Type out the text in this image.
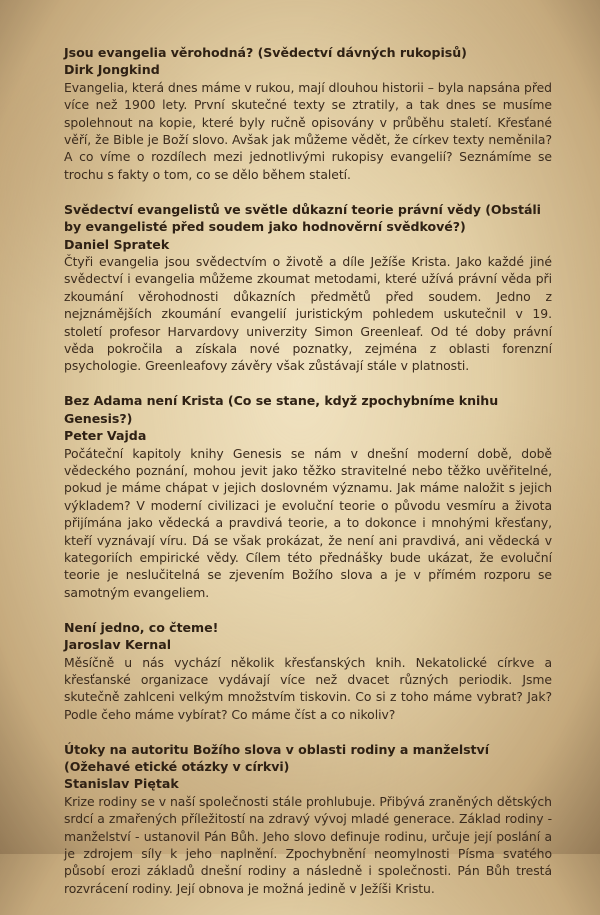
Jsou evangelia věrohodná? (Svědectví dávných rukopisů)

Dirk Jongkind

Evangelia, která dnes máme v rukou, mají dlouhou historii – byla napsána před více než 1900 lety. První skutečné texty se ztratily, a tak dnes se musíme spolehnout na kopie, které byly ručně opisovány v průběhu staletí. Křesťané věří, že Bible je Boží slovo. Avšak jak můžeme vědět, že církev texty neměnila? A co víme o rozdílech mezi jednotlivými rukopisy evangelií? Seznámíme se trochu s fakty o tom, co se dělo během staletí.

Svědectví evangelistů ve světle důkazní teorie právní vědy (Obstáli by evangelisté před soudem jako hodnověrní svědkové?)

Daniel Spratek

Čtyři evangelia jsou svědectvím o životě a díle Ježíše Krista. Jako každé jiné svědectví i evangelia můžeme zkoumat metodami, které užívá právní věda při zkoumání věrohodnosti důkazních předmětů před soudem. Jedno z nejznámějších zkoumání evangelií juristickým pohledem uskutečnil v 19. století profesor Harvardovy univerzity Simon Greenleaf. Od té doby právní věda pokročila a získala nové poznatky, zejména z oblasti forenzní psychologie. Greenleafovy závěry však zůstávají stále v platnosti.

Bez Adama není Krista (Co se stane, když zpochybníme knihu Genesis?)

Peter Vajda

Počáteční kapitoly knihy Genesis se nám v dnešní moderní době, době vědeckého poznání, mohou jevit jako těžko stravitelné nebo těžko uvěřitelné, pokud je máme chápat v jejich doslovném významu. Jak máme naložit s jejich výkladem? V moderní civilizaci je evoluční teorie o původu vesmíru a života přijímána jako vědecká a pravdivá teorie, a to dokonce i mnohými křesťany, kteří vyznávají víru. Dá se však prokázat, že není ani pravdivá, ani vědecká v kategoriích empirické vědy. Cílem této přednášky bude ukázat, že evoluční teorie je neslučitelná se zjevením Božího slova a je v přímém rozporu se samotným evangeliem.

Není jedno, co čteme!

Jaroslav Kernal

Měsíčně u nás vychází několik křesťanských knih. Nekatolické církve a křesťanské organizace vydávají více než dvacet různých periodik. Jsme skutečně zahlceni velkým množstvím tiskovin. Co si z toho máme vybrat? Jak? Podle čeho máme vybírat? Co máme číst a co nikoliv?

Útoky na autoritu Božího slova v oblasti rodiny a manželství (Ožehavé etické otázky v církvi)

Stanislav Piętak

Krize rodiny se v naší společnosti stále prohlubuje. Přibývá zraněných dětských srdcí a zmařených příležitostí na zdravý vývoj mladé generace. Základ rodiny - manželství - ustanovil Pán Bůh. Jeho slovo definuje rodinu, určuje její poslání a je zdrojem síly k jeho naplnění. Zpochybnění neomylnosti Písma svatého působí erozi základů dnešní rodiny a následně i společnosti. Pán Bůh trestá rozvrácení rodiny. Její obnova je možná jedině v Ježíši Kristu.
